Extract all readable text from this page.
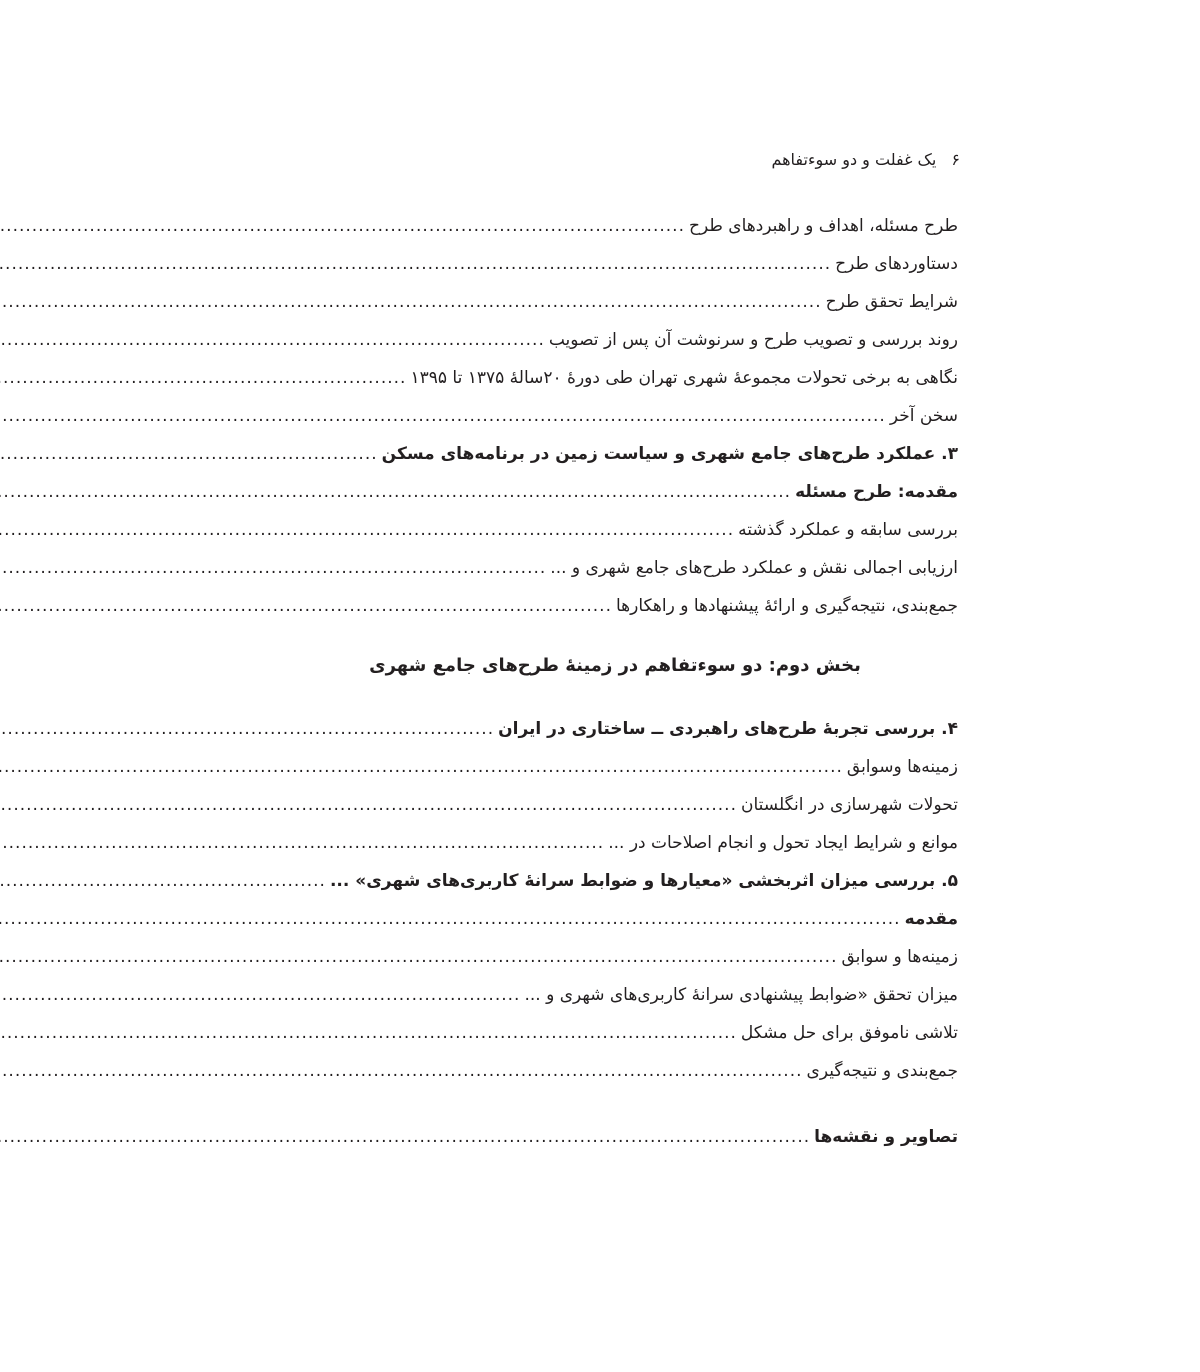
۶ یک غفلت و دو سوءتفاهم
طرح مسئله، اهداف و راهبردهای طرح
.....
دستاوردهای طرح
.....
شرایط تحقق طرح
.....
روند بررسی و تصویب طرح و سرنوشت آن پس از تصویب
.....
نگاهی به برخی تحولات مجموعهٔ شهری تهران طی دورهٔ ۲۰سالهٔ ۱۳۷۵ تا ۱۳۹۵
.....
سخن آخر
.....
۳. عملکرد طرح‌های جامع شهری و سیاست زمین در برنامه‌های مسکن
.....
مقدمه: طرح مسئله
.....
بررسی سابقه و عملکرد گذشته
.....
ارزیابی اجمالی نقش و عملکرد طرح‌های جامع شهری و ...
.....
جمع‌بندی، نتیجه‌گیری و ارائهٔ پیشنهادها و راهکارها
.....
بخش دوم: دو سوءتفاهم در زمینهٔ طرح‌های جامع شهری
۴. بررسی تجربهٔ طرح‌های راهبردی ــ ساختاری در ایران
.....
زمینه‌ها وسوابق
.....
تحولات شهرسازی در انگلستان
.....
موانع و شرایط ایجاد تحول و انجام اصلاحات در ...
.....
۵. بررسی میزان اثربخشی «معیارها و ضوابط سرانهٔ کاربری‌های شهری» ...
.....
مقدمه
.....
زمینه‌ها و سوابق
.....
میزان تحقق «ضوابط پیشنهادی سرانهٔ کاربری‌های شهری و ...
.....
تلاشی ناموفق برای حل مشکل
.....
جمع‌بندی و نتیجه‌گیری
.....
تصاویر و نقشه‌ها
.....
